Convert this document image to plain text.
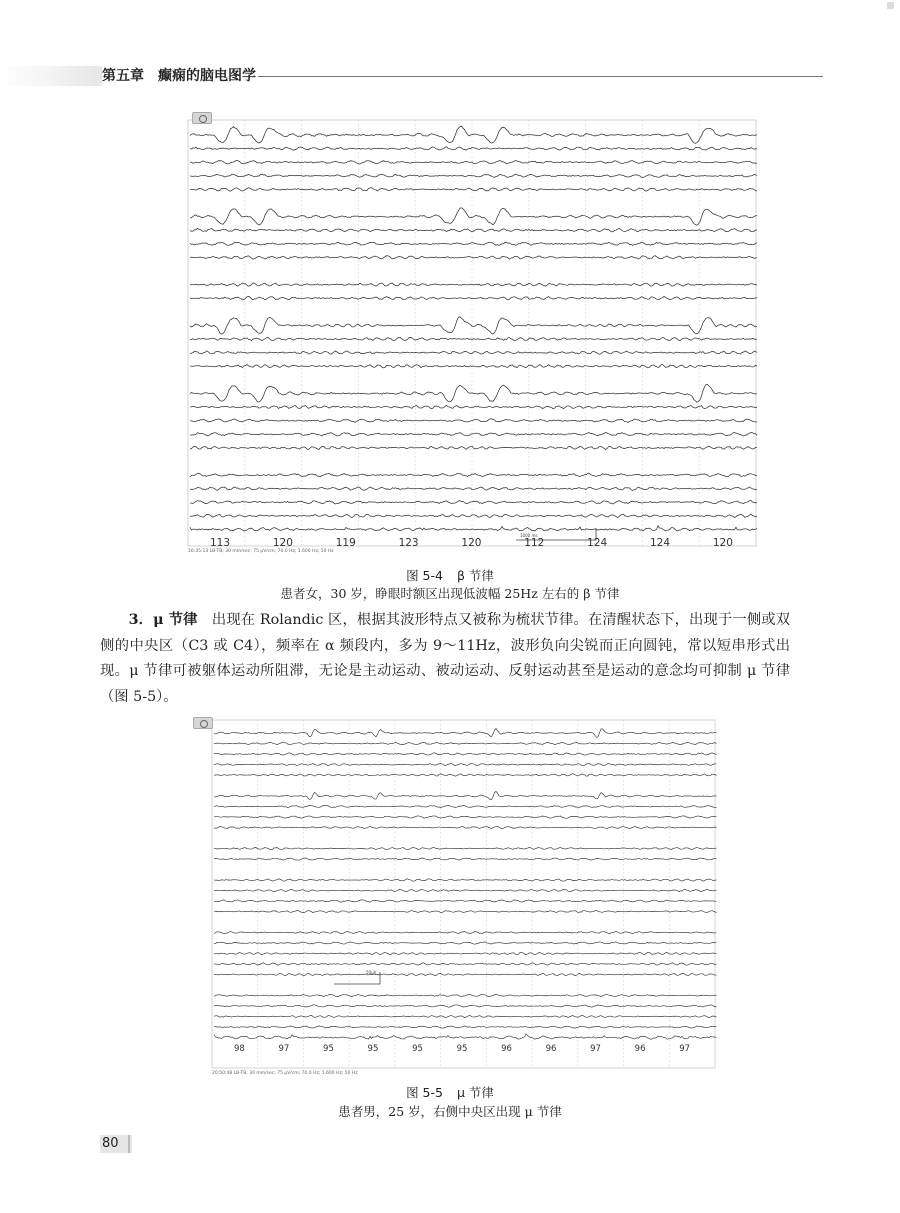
第五章　癫痫的脑电图学
113	120	119	123	120	112	124	124	120
1000 ms
16:35:13 LB-TB; 30 mm/sec; 75 µV/cm; 70.0 Hz; 1.600 Hz; 50 Hz
图 5-4 β 节律
患者女，30 岁，睁眼时额区出现低波幅 25Hz 左右的 β 节律
3．μ 节律 出现在 Rolandic 区，根据其波形特点又被称为梳状节律。在清醒状态下，出现于一侧或双侧的中央区（C3 或 C4），频率在 α 频段内，多为 9～11Hz，波形负向尖锐而正向圆钝，常以短串形式出现。μ 节律可被躯体运动所阻滞，无论是主动运动、被动运动、反射运动甚至是运动的意念均可抑制 μ 节律（图 5-5）。
98	97	95	95	95	95	96	96	97	96	97
50µV
20:50:48 LB-TB; 30 mm/sec; 75 µV/cm; 70.0 Hz; 1.600 Hz; 50 Hz
图 5-5 μ 节律
患者男，25 岁，右侧中央区出现 μ 节律
80
